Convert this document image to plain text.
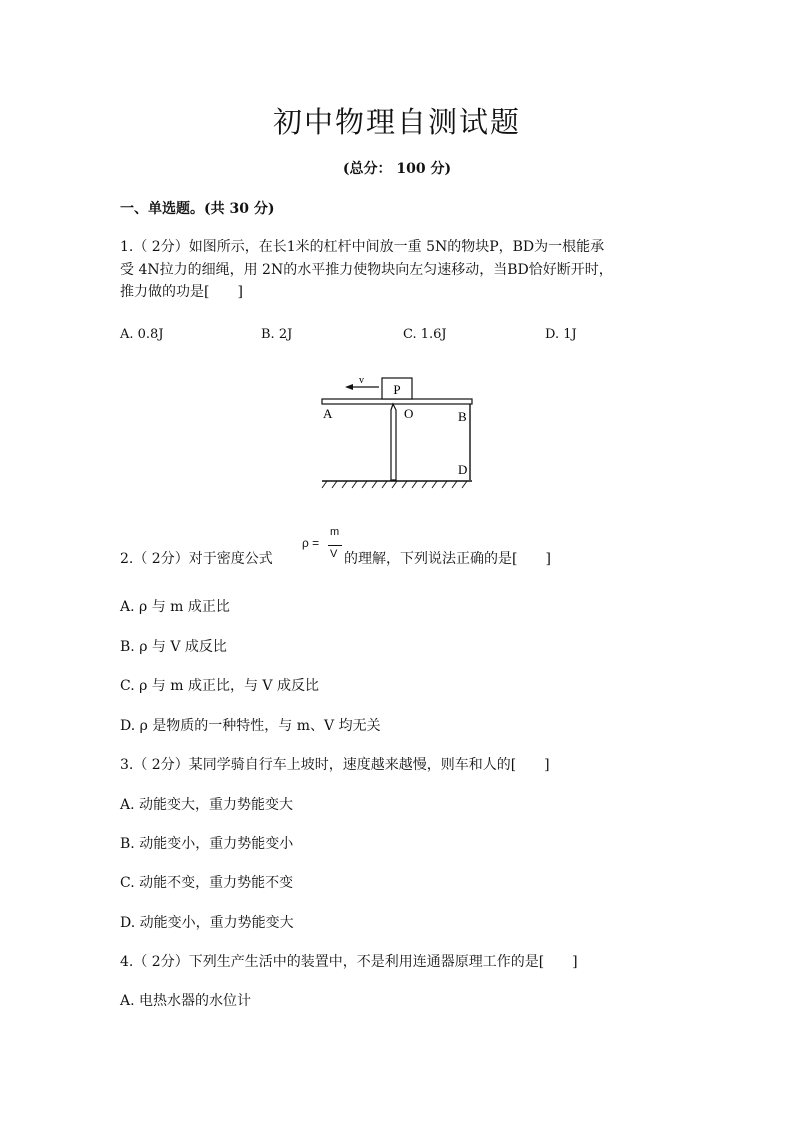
初中物理自测试题
(总分： 100 分)
一、单选题。(共 30 分)
1.（ 2分）如图所示，在长1米的杠杆中间放一重 5N的物块P，BD为一根能承
受 4N拉力的细绳，用 2N的水平推力使物块向左匀速移动，当BD恰好断开时，
推力做的功是[　　]
A. 0.8J	B. 2J	C. 1.6J	D. 1J
P
v
A	O	B
D
2.（ 2分）对于密度公式
ρ =
m
V 的理解，下列说法正确的是[　　]
A. ρ 与 m 成正比
B. ρ 与 V 成反比
C. ρ 与 m 成正比，与 V 成反比
D. ρ 是物质的一种特性，与 m、V 均无关
3.（ 2分）某同学骑自行车上坡时，速度越来越慢，则车和人的[　　]
A. 动能变大，重力势能变大
B. 动能变小，重力势能变小
C. 动能不变，重力势能不变
D. 动能变小，重力势能变大
4.（ 2分）下列生产生活中的装置中，不是利用连通器原理工作的是[　　]
A. 电热水器的水位计
